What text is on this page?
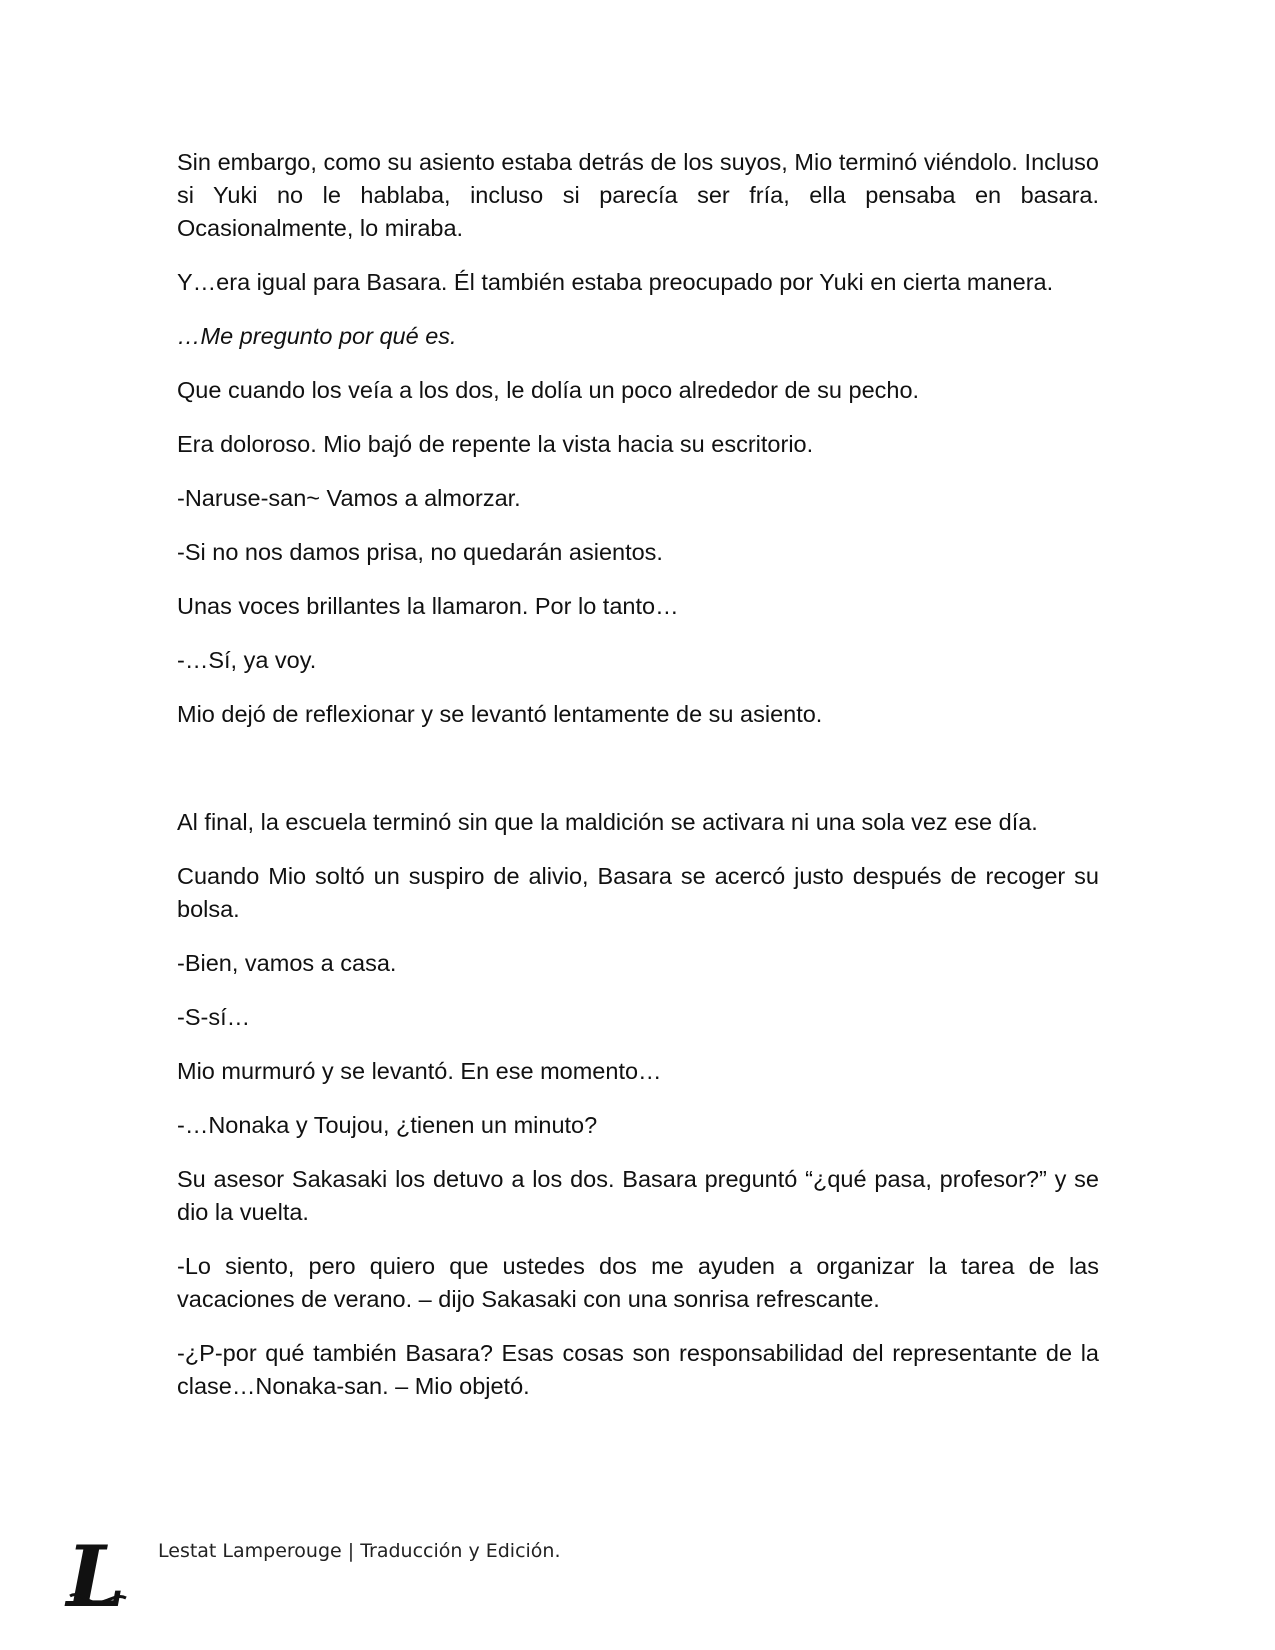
Sin embargo, como su asiento estaba detrás de los suyos, Mio terminó viéndolo. Incluso si Yuki no le hablaba, incluso si parecía ser fría, ella pensaba en basara. Ocasionalmente, lo miraba.

Y…era igual para Basara. Él también estaba preocupado por Yuki en cierta manera.

…Me pregunto por qué es.

Que cuando los veía a los dos, le dolía un poco alrededor de su pecho.

Era doloroso. Mio bajó de repente la vista hacia su escritorio.

-Naruse-san~ Vamos a almorzar.

-Si no nos damos prisa, no quedarán asientos.

Unas voces brillantes la llamaron. Por lo tanto…

-…Sí, ya voy.

Mio dejó de reflexionar y se levantó lentamente de su asiento.

Al final, la escuela terminó sin que la maldición se activara ni una sola vez ese día.

Cuando Mio soltó un suspiro de alivio, Basara se acercó justo después de recoger su bolsa.

-Bien, vamos a casa.

-S-sí…

Mio murmuró y se levantó. En ese momento…

-…Nonaka y Toujou, ¿tienen un minuto?

Su asesor Sakasaki los detuvo a los dos. Basara preguntó “¿qué pasa, profesor?” y se dio la vuelta.

-Lo siento, pero quiero que ustedes dos me ayuden a organizar la tarea de las vacaciones de verano. – dijo Sakasaki con una sonrisa refrescante.

-¿P-por qué también Basara? Esas cosas son responsabilidad del representante de la clase…Nonaka-san. – Mio objetó.

L Lestat Lamperouge | Traducción y Edición.
